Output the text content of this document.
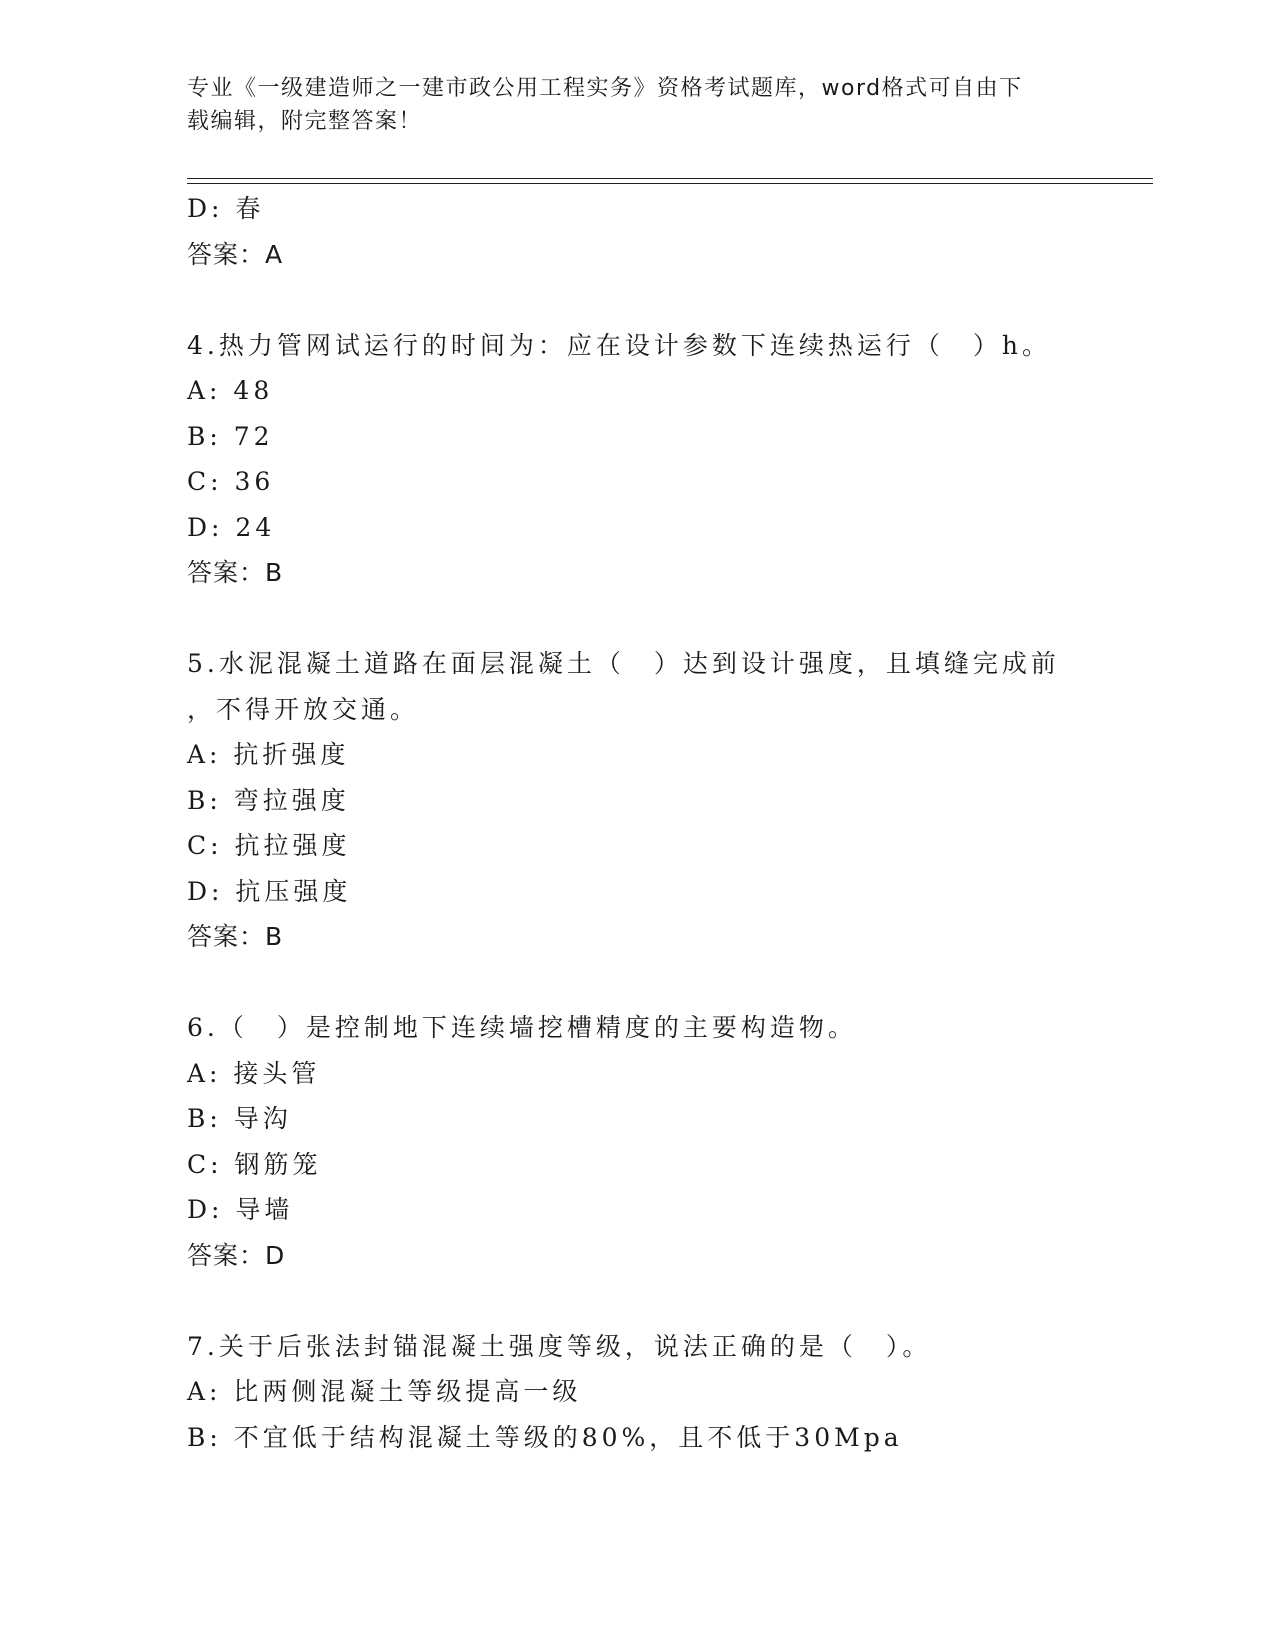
专业《一级建造师之一建市政公用工程实务》资格考试题库，word格式可自由下
载编辑，附完整答案！
D: 春
答案：A
4.热力管网试运行的时间为：应在设计参数下连续热运行（　）h。
A: 48
B: 72
C: 36
D: 24
答案：B
5.水泥混凝土道路在面层混凝土（　）达到设计强度，且填缝完成前
，不得开放交通。
A: 抗折强度
B: 弯拉强度
C: 抗拉强度
D: 抗压强度
答案：B
6.（　）是控制地下连续墙挖槽精度的主要构造物。
A: 接头管
B: 导沟
C: 钢筋笼
D: 导墙
答案：D
7.关于后张法封锚混凝土强度等级，说法正确的是（　）。
A: 比两侧混凝土等级提高一级
B: 不宜低于结构混凝土等级的80%，且不低于30Mpa
